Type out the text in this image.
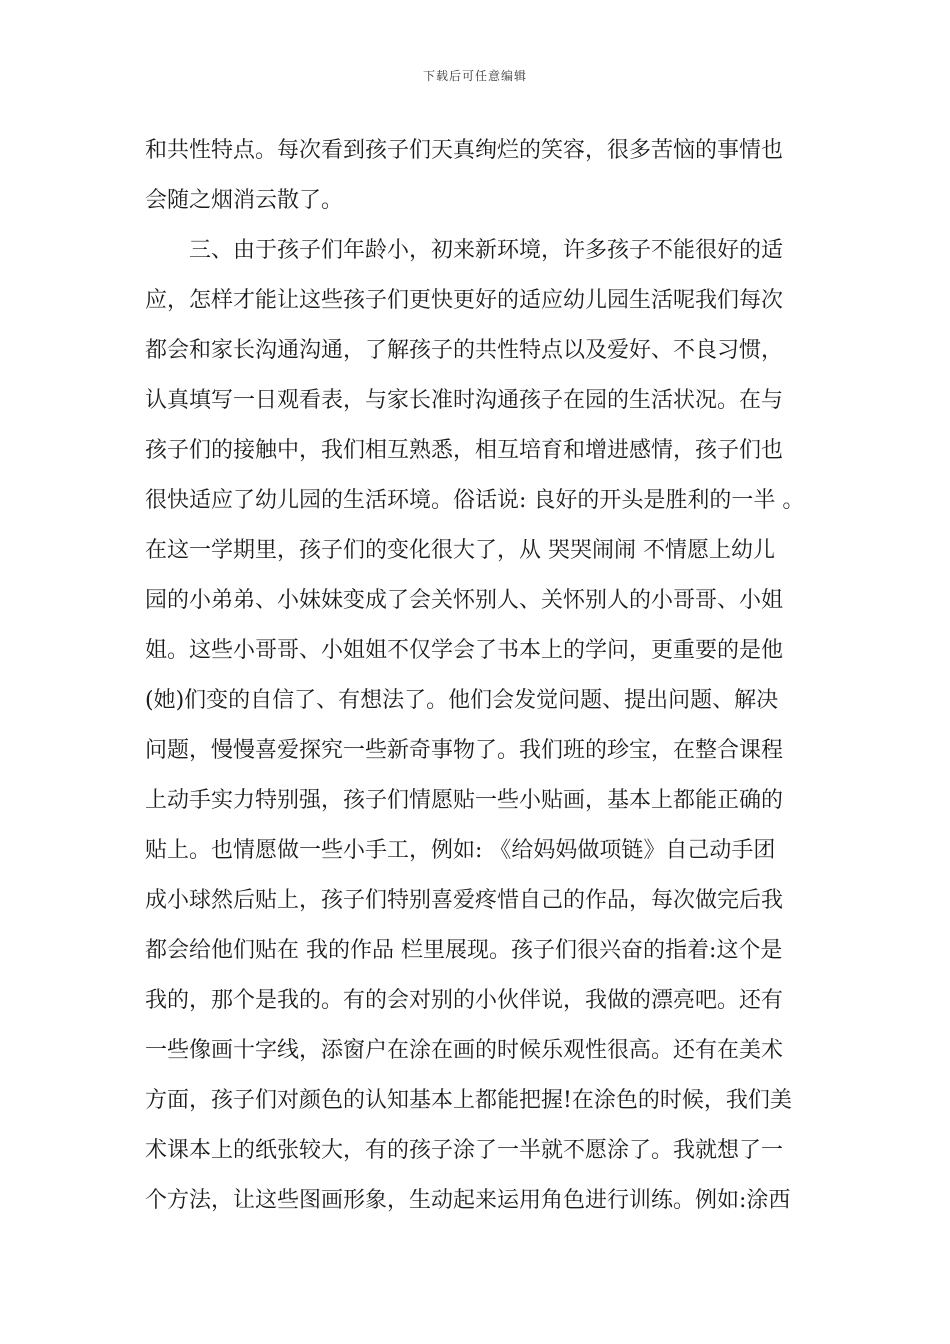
下载后可任意编辑
和共性特点。每次看到孩子们天真绚烂的笑容，很多苦恼的事情也
会随之烟消云散了。
　　三、由于孩子们年龄小，初来新环境，许多孩子不能很好的适
应，怎样才能让这些孩子们更快更好的适应幼儿园生活呢我们每次
都会和家长沟通沟通，了解孩子的共性特点以及爱好、不良习惯，
认真填写一日观看表，与家长准时沟通孩子在园的生活状况。在与
孩子们的接触中，我们相互熟悉，相互培育和增进感情，孩子们也
很快适应了幼儿园的生活环境。俗话说: 良好的开头是胜利的一半 。
在这一学期里，孩子们的变化很大了，从 哭哭闹闹 不情愿上幼儿
园的小弟弟、小妹妹变成了会关怀别人、关怀别人的小哥哥、小姐
姐。这些小哥哥、小姐姐不仅学会了书本上的学问，更重要的是他
(她)们变的自信了、有想法了。他们会发觉问题、提出问题、解决
问题，慢慢喜爱探究一些新奇事物了。我们班的珍宝，在整合课程
上动手实力特别强，孩子们情愿贴一些小贴画，基本上都能正确的
贴上。也情愿做一些小手工，例如: 《给妈妈做项链》自己动手团
成小球然后贴上，孩子们特别喜爱疼惜自己的作品，每次做完后我
都会给他们贴在 我的作品 栏里展现。孩子们很兴奋的指着:这个是
我的，那个是我的。有的会对别的小伙伴说，我做的漂亮吧。还有
一些像画十字线，添窗户在涂在画的时候乐观性很高。还有在美术
方面，孩子们对颜色的认知基本上都能把握!在涂色的时候，我们美
术课本上的纸张较大，有的孩子涂了一半就不愿涂了。我就想了一
个方法，让这些图画形象，生动起来运用角色进行训练。例如:涂西
